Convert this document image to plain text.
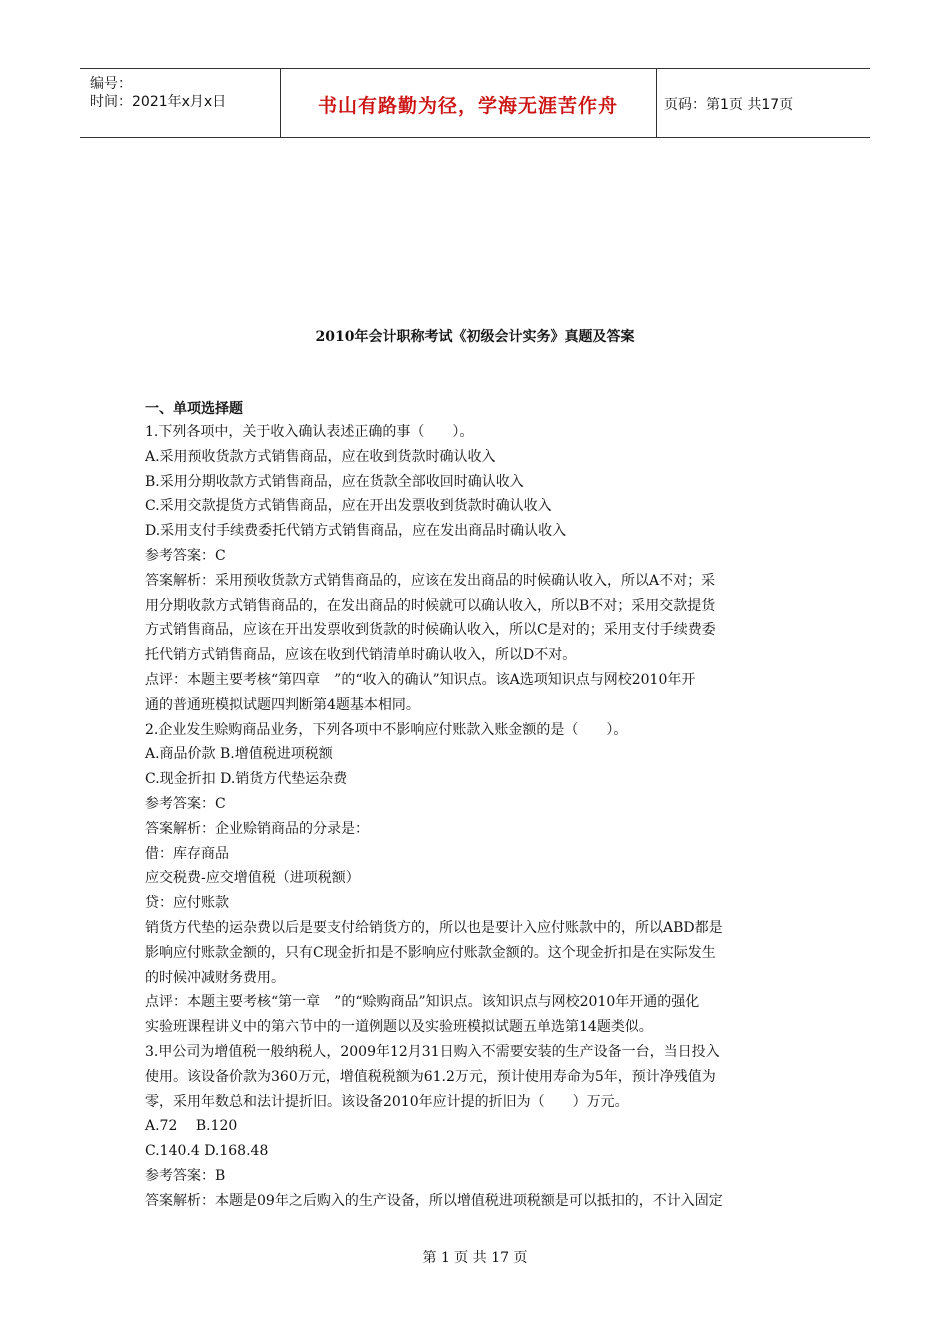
编号：
时间：2021年x月x日	书山有路勤为径，学海无涯苦作舟	页码：第1页 共17页
2010年会计职称考试《初级会计实务》真题及答案
一、单项选择题
1.下列各项中，关于收入确认表述正确的事（　　）。
A.采用预收货款方式销售商品，应在收到货款时确认收入
B.采用分期收款方式销售商品，应在货款全部收回时确认收入
C.采用交款提货方式销售商品，应在开出发票收到货款时确认收入
D.采用支付手续费委托代销方式销售商品，应在发出商品时确认收入
参考答案：C
答案解析：采用预收货款方式销售商品的，应该在发出商品的时候确认收入，所以A不对；采
用分期收款方式销售商品的，在发出商品的时候就可以确认收入，所以B不对；采用交款提货
方式销售商品，应该在开出发票收到货款的时候确认收入，所以C是对的；采用支付手续费委
托代销方式销售商品，应该在收到代销清单时确认收入，所以D不对。
点评：本题主要考核“第四章　”的“收入的确认”知识点。该A选项知识点与网校2010年开
通的普通班模拟试题四判断第4题基本相同。
2.企业发生赊购商品业务，下列各项中不影响应付账款入账金额的是（　　）。
A.商品价款 B.增值税进项税额
C.现金折扣 D.销货方代垫运杂费
参考答案：C
答案解析：企业赊销商品的分录是：
借：库存商品
应交税费-应交增值税（进项税额）
贷：应付账款
销货方代垫的运杂费以后是要支付给销货方的，所以也是要计入应付账款中的，所以ABD都是
影响应付账款金额的，只有C现金折扣是不影响应付账款金额的。这个现金折扣是在实际发生
的时候冲减财务费用。
点评：本题主要考核“第一章　”的“赊购商品”知识点。该知识点与网校2010年开通的强化
实验班课程讲义中的第六节中的一道例题以及实验班模拟试题五单选第14题类似。
3.甲公司为增值税一般纳税人，2009年12月31日购入不需要安装的生产设备一台，当日投入
使用。该设备价款为360万元，增值税税额为61.2万元，预计使用寿命为5年，预计净残值为
零，采用年数总和法计提折旧。该设备2010年应计提的折旧为（　　）万元。
A.72　 B.120
C.140.4 D.168.48
参考答案：B
答案解析：本题是09年之后购入的生产设备，所以增值税进项税额是可以抵扣的，不计入固定
第 1 页 共 17 页
